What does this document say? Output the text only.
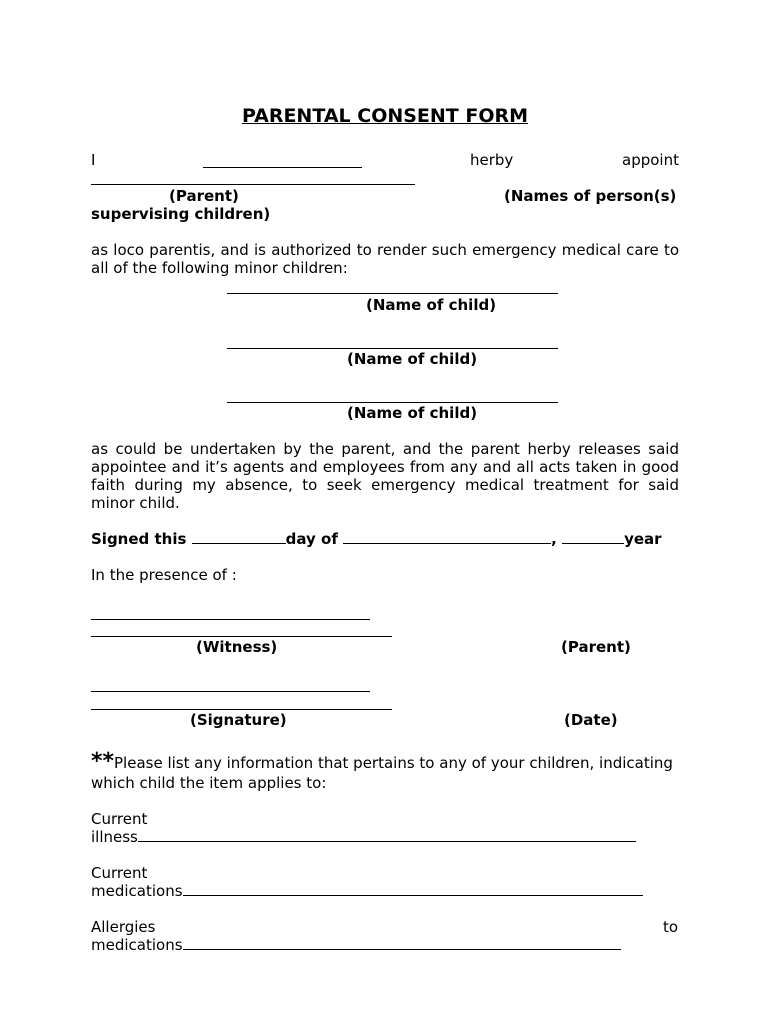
PARENTAL CONSENT FORM
I	herby	appoint
(Parent)	(Names of person(s)
supervising children)
as loco parentis, and is authorized to render such emergency medical care to all of the following minor children:
(Name of child)
(Name of child)
(Name of child)
as could be undertaken by the parent, and the parent herby releases said appointee and it’s agents and employees from any and all acts taken in good faith during my absence, to seek emergency medical treatment for said minor child.
Signed this	day of	,	year
In the presence of :
(Witness)	(Parent)
(Signature)	(Date)
**Please list any information that pertains to any of your children, indicating
which child the item applies to:
Current
illness
Current
medications
Allergies	to
medications
